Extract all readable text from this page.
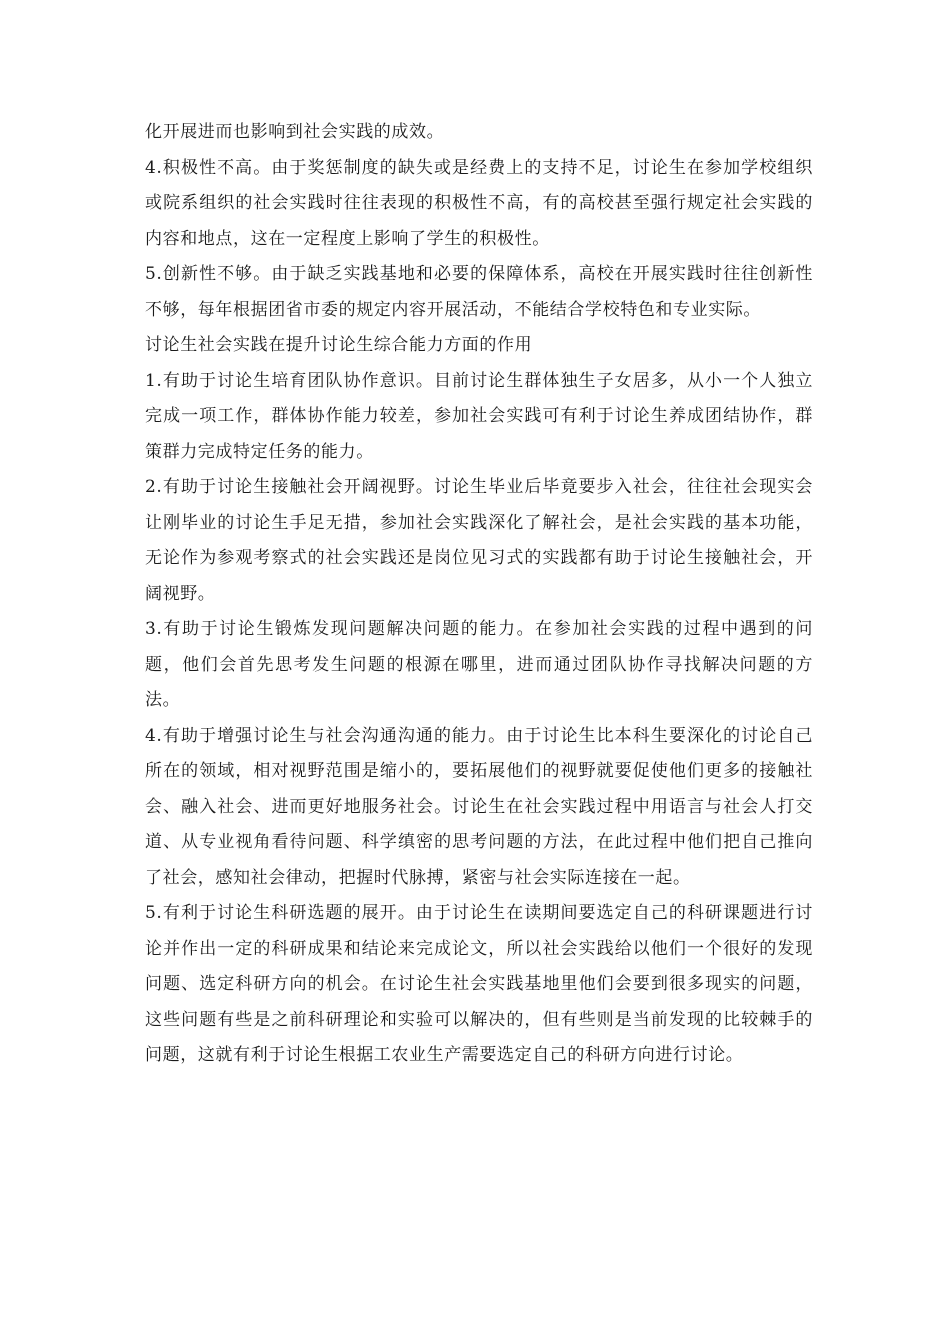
化开展进而也影响到社会实践的成效。

4.积极性不高。由于奖惩制度的缺失或是经费上的支持不足，讨论生在参加学校组织或院系组织的社会实践时往往表现的积极性不高，有的高校甚至强行规定社会实践的内容和地点，这在一定程度上影响了学生的积极性。

5.创新性不够。由于缺乏实践基地和必要的保障体系，高校在开展实践时往往创新性不够，每年根据团省市委的规定内容开展活动，不能结合学校特色和专业实际。

讨论生社会实践在提升讨论生综合能力方面的作用

1.有助于讨论生培育团队协作意识。目前讨论生群体独生子女居多，从小一个人独立完成一项工作，群体协作能力较差，参加社会实践可有利于讨论生养成团结协作，群策群力完成特定任务的能力。

2.有助于讨论生接触社会开阔视野。讨论生毕业后毕竟要步入社会，往往社会现实会让刚毕业的讨论生手足无措，参加社会实践深化了解社会，是社会实践的基本功能，无论作为参观考察式的社会实践还是岗位见习式的实践都有助于讨论生接触社会，开阔视野。

3.有助于讨论生锻炼发现问题解决问题的能力。在参加社会实践的过程中遇到的问题，他们会首先思考发生问题的根源在哪里，进而通过团队协作寻找解决问题的方法。

4.有助于增强讨论生与社会沟通沟通的能力。由于讨论生比本科生要深化的讨论自己所在的领域，相对视野范围是缩小的，要拓展他们的视野就要促使他们更多的接触社会、融入社会、进而更好地服务社会。讨论生在社会实践过程中用语言与社会人打交道、从专业视角看待问题、科学缜密的思考问题的方法，在此过程中他们把自己推向了社会，感知社会律动，把握时代脉搏，紧密与社会实际连接在一起。

5.有利于讨论生科研选题的展开。由于讨论生在读期间要选定自己的科研课题进行讨论并作出一定的科研成果和结论来完成论文，所以社会实践给以他们一个很好的发现问题、选定科研方向的机会。在讨论生社会实践基地里他们会要到很多现实的问题，这些问题有些是之前科研理论和实验可以解决的，但有些则是当前发现的比较棘手的问题，这就有利于讨论生根据工农业生产需要选定自己的科研方向进行讨论。
